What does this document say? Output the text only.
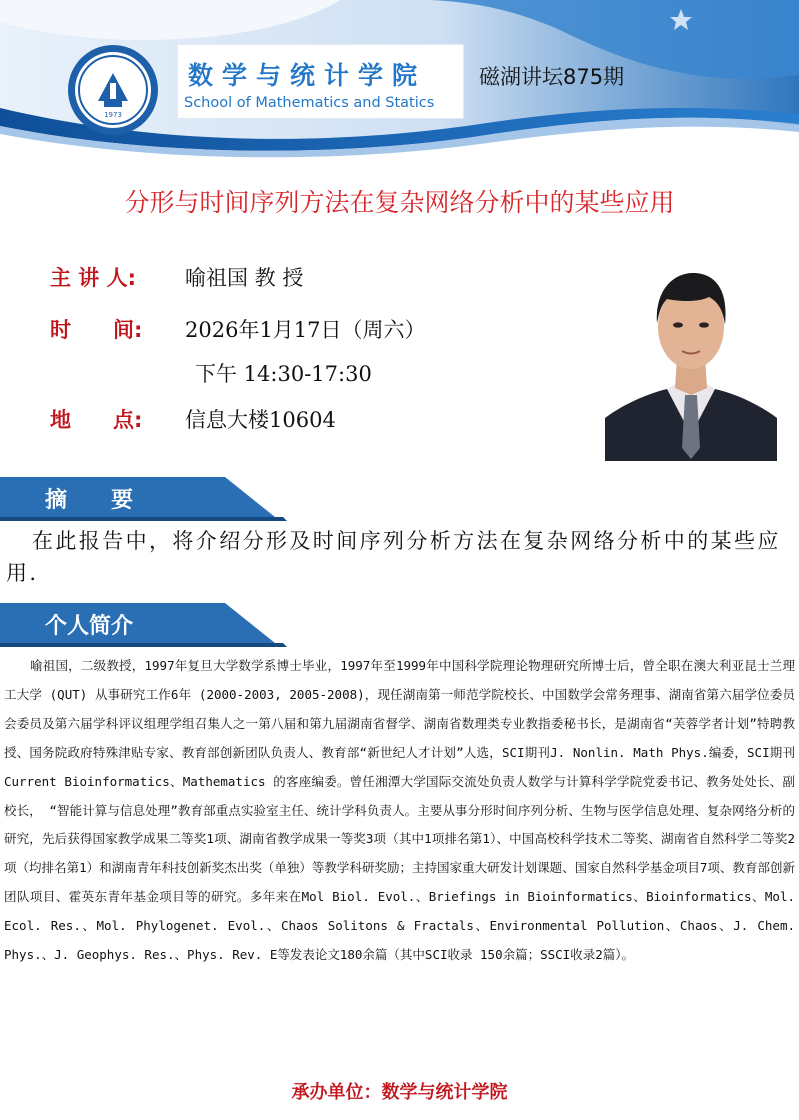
1973
数学与统计学院
School of Mathematics and Statics
磁湖讲坛875期
分形与时间序列方法在复杂网络分析中的某些应用
主 讲 人: 喻祖国 教 授
时　　间: 2026年1月17日（周六）
下午 14:30-17:30
地　　点: 信息大楼10604
摘　　要
在此报告中，将介绍分形及时间序列分析方法在复杂网络分析中的某些应用.
个人简介
喻祖国，二级教授，1997年复旦大学数学系博士毕业，1997年至1999年中国科学院理论物理研究所博士后，曾全职在澳大利亚昆士兰理工大学 (QUT) 从事研究工作6年 (2000-2003, 2005-2008)，现任湖南第一师范学院校长、中国数学会常务理事、湖南省第六届学位委员会委员及第六届学科评议组理学组召集人之一第八届和第九届湖南省督学、湖南省数理类专业教指委秘书长，是湖南省“芙蓉学者计划”特聘教授、国务院政府特殊津贴专家、教育部创新团队负责人、教育部“新世纪人才计划”人选，SCI期刊J. Nonlin. Math Phys.编委，SCI期刊Current Bioinformatics、Mathematics 的客座编委。曾任湘潭大学国际交流处负责人数学与计算科学学院党委书记、教务处处长、副校长， “智能计算与信息处理”教育部重点实验室主任、统计学科负责人。主要从事分形时间序列分析、生物与医学信息处理、复杂网络分析的研究，先后获得国家教学成果二等奖1项、湖南省教学成果一等奖3项（其中1项排名第1）、中国高校科学技术二等奖、湖南省自然科学二等奖2项（均排名第1）和湖南青年科技创新奖杰出奖（单独）等教学科研奖励；主持国家重大研发计划课题、国家自然科学基金项目7项、教育部创新团队项目、霍英东青年基金项目等的研究。多年来在Mol Biol. Evol.、Briefings in Bioinformatics、Bioinformatics、Mol. Ecol. Res.、Mol. Phylogenet. Evol.、Chaos Solitons & Fractals、Environmental Pollution、Chaos、J. Chem. Phys.、J. Geophys. Res.、Phys. Rev. E等发表论文180余篇（其中SCI收录 150余篇；SSCI收录2篇）。
承办单位：数学与统计学院
